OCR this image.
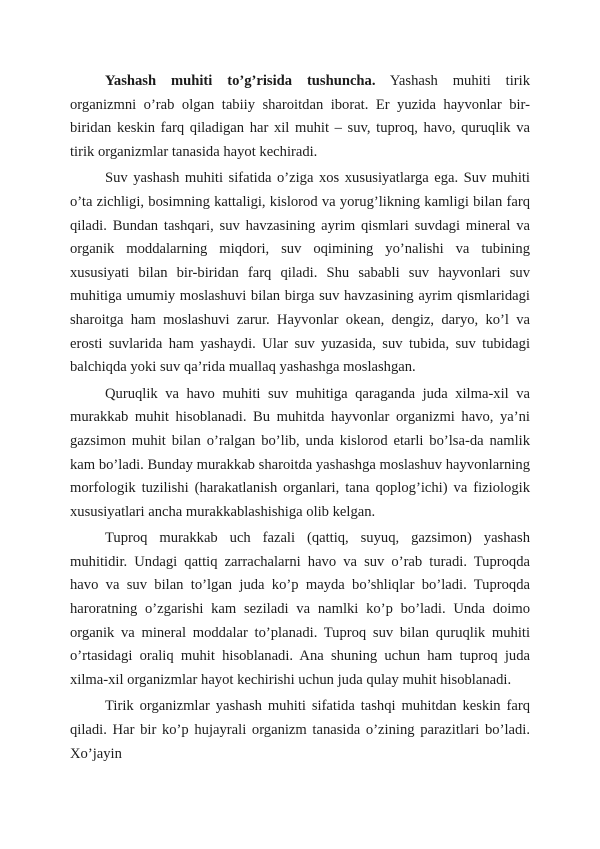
Yashash muhiti to’g’risida tushuncha. Yashash muhiti tirik organizmni o’rab olgan tabiiy sharoitdan iborat. Er yuzida hayvonlar bir-biridan keskin farq qiladigan har xil muhit – suv, tuproq, havo, quruqlik va tirik organizmlar tanasida hayot kechiradi.

Suv yashash muhiti sifatida o’ziga xos xususiyatlarga ega. Suv muhiti o’ta zichligi, bosimning kattaligi, kislorod va yorug’likning kamligi bilan farq qiladi. Bundan tashqari, suv havzasining ayrim qismlari suvdagi mineral va organik moddalarning miqdori, suv oqimining yo’nalishi va tubining xususiyati bilan bir-biridan farq qiladi. Shu sababli suv hayvonlari suv muhitiga umumiy moslashuvi bilan birga suv havzasining ayrim qismlaridagi sharoitga ham moslashuvi zarur. Hayvonlar okean, dengiz, daryo, ko’l va erosti suvlarida ham yashaydi. Ular suv yuzasida, suv tubida, suv tubidagi balchiqda yoki suv qa’rida muallaq yashashga moslashgan.

Quruqlik va havo muhiti suv muhitiga qaraganda juda xilma-xil va murakkab muhit hisoblanadi. Bu muhitda hayvonlar organizmi havo, ya’ni gazsimon muhit bilan o’ralgan bo’lib, unda kislorod etarli bo’lsa-da namlik kam bo’ladi. Bunday murakkab sharoitda yashashga moslashuv hayvonlarning morfologik tuzilishi (harakatlanish organlari, tana qoplog’ichi) va fiziologik xususiyatlari ancha murakkablashishiga olib kelgan.

Tuproq murakkab uch fazali (qattiq, suyuq, gazsimon) yashash muhitidir. Undagi qattiq zarrachalarni havo va suv o’rab turadi. Tuproqda havo va suv bilan to’lgan juda ko’p mayda bo’shliqlar bo’ladi. Tuproqda haroratning o’zgarishi kam seziladi va namlki ko’p bo’ladi. Unda doimo organik va mineral moddalar to’planadi. Tuproq suv bilan quruqlik muhiti o’rtasidagi oraliq muhit hisoblanadi. Ana shuning uchun ham tuproq juda xilma-xil organizmlar hayot kechirishi uchun juda qulay muhit hisoblanadi.

Tirik organizmlar yashash muhiti sifatida tashqi muhitdan keskin farq qiladi. Har bir ko’p hujayrali organizm tanasida o’zining parazitlari bo’ladi. Xo’jayin
